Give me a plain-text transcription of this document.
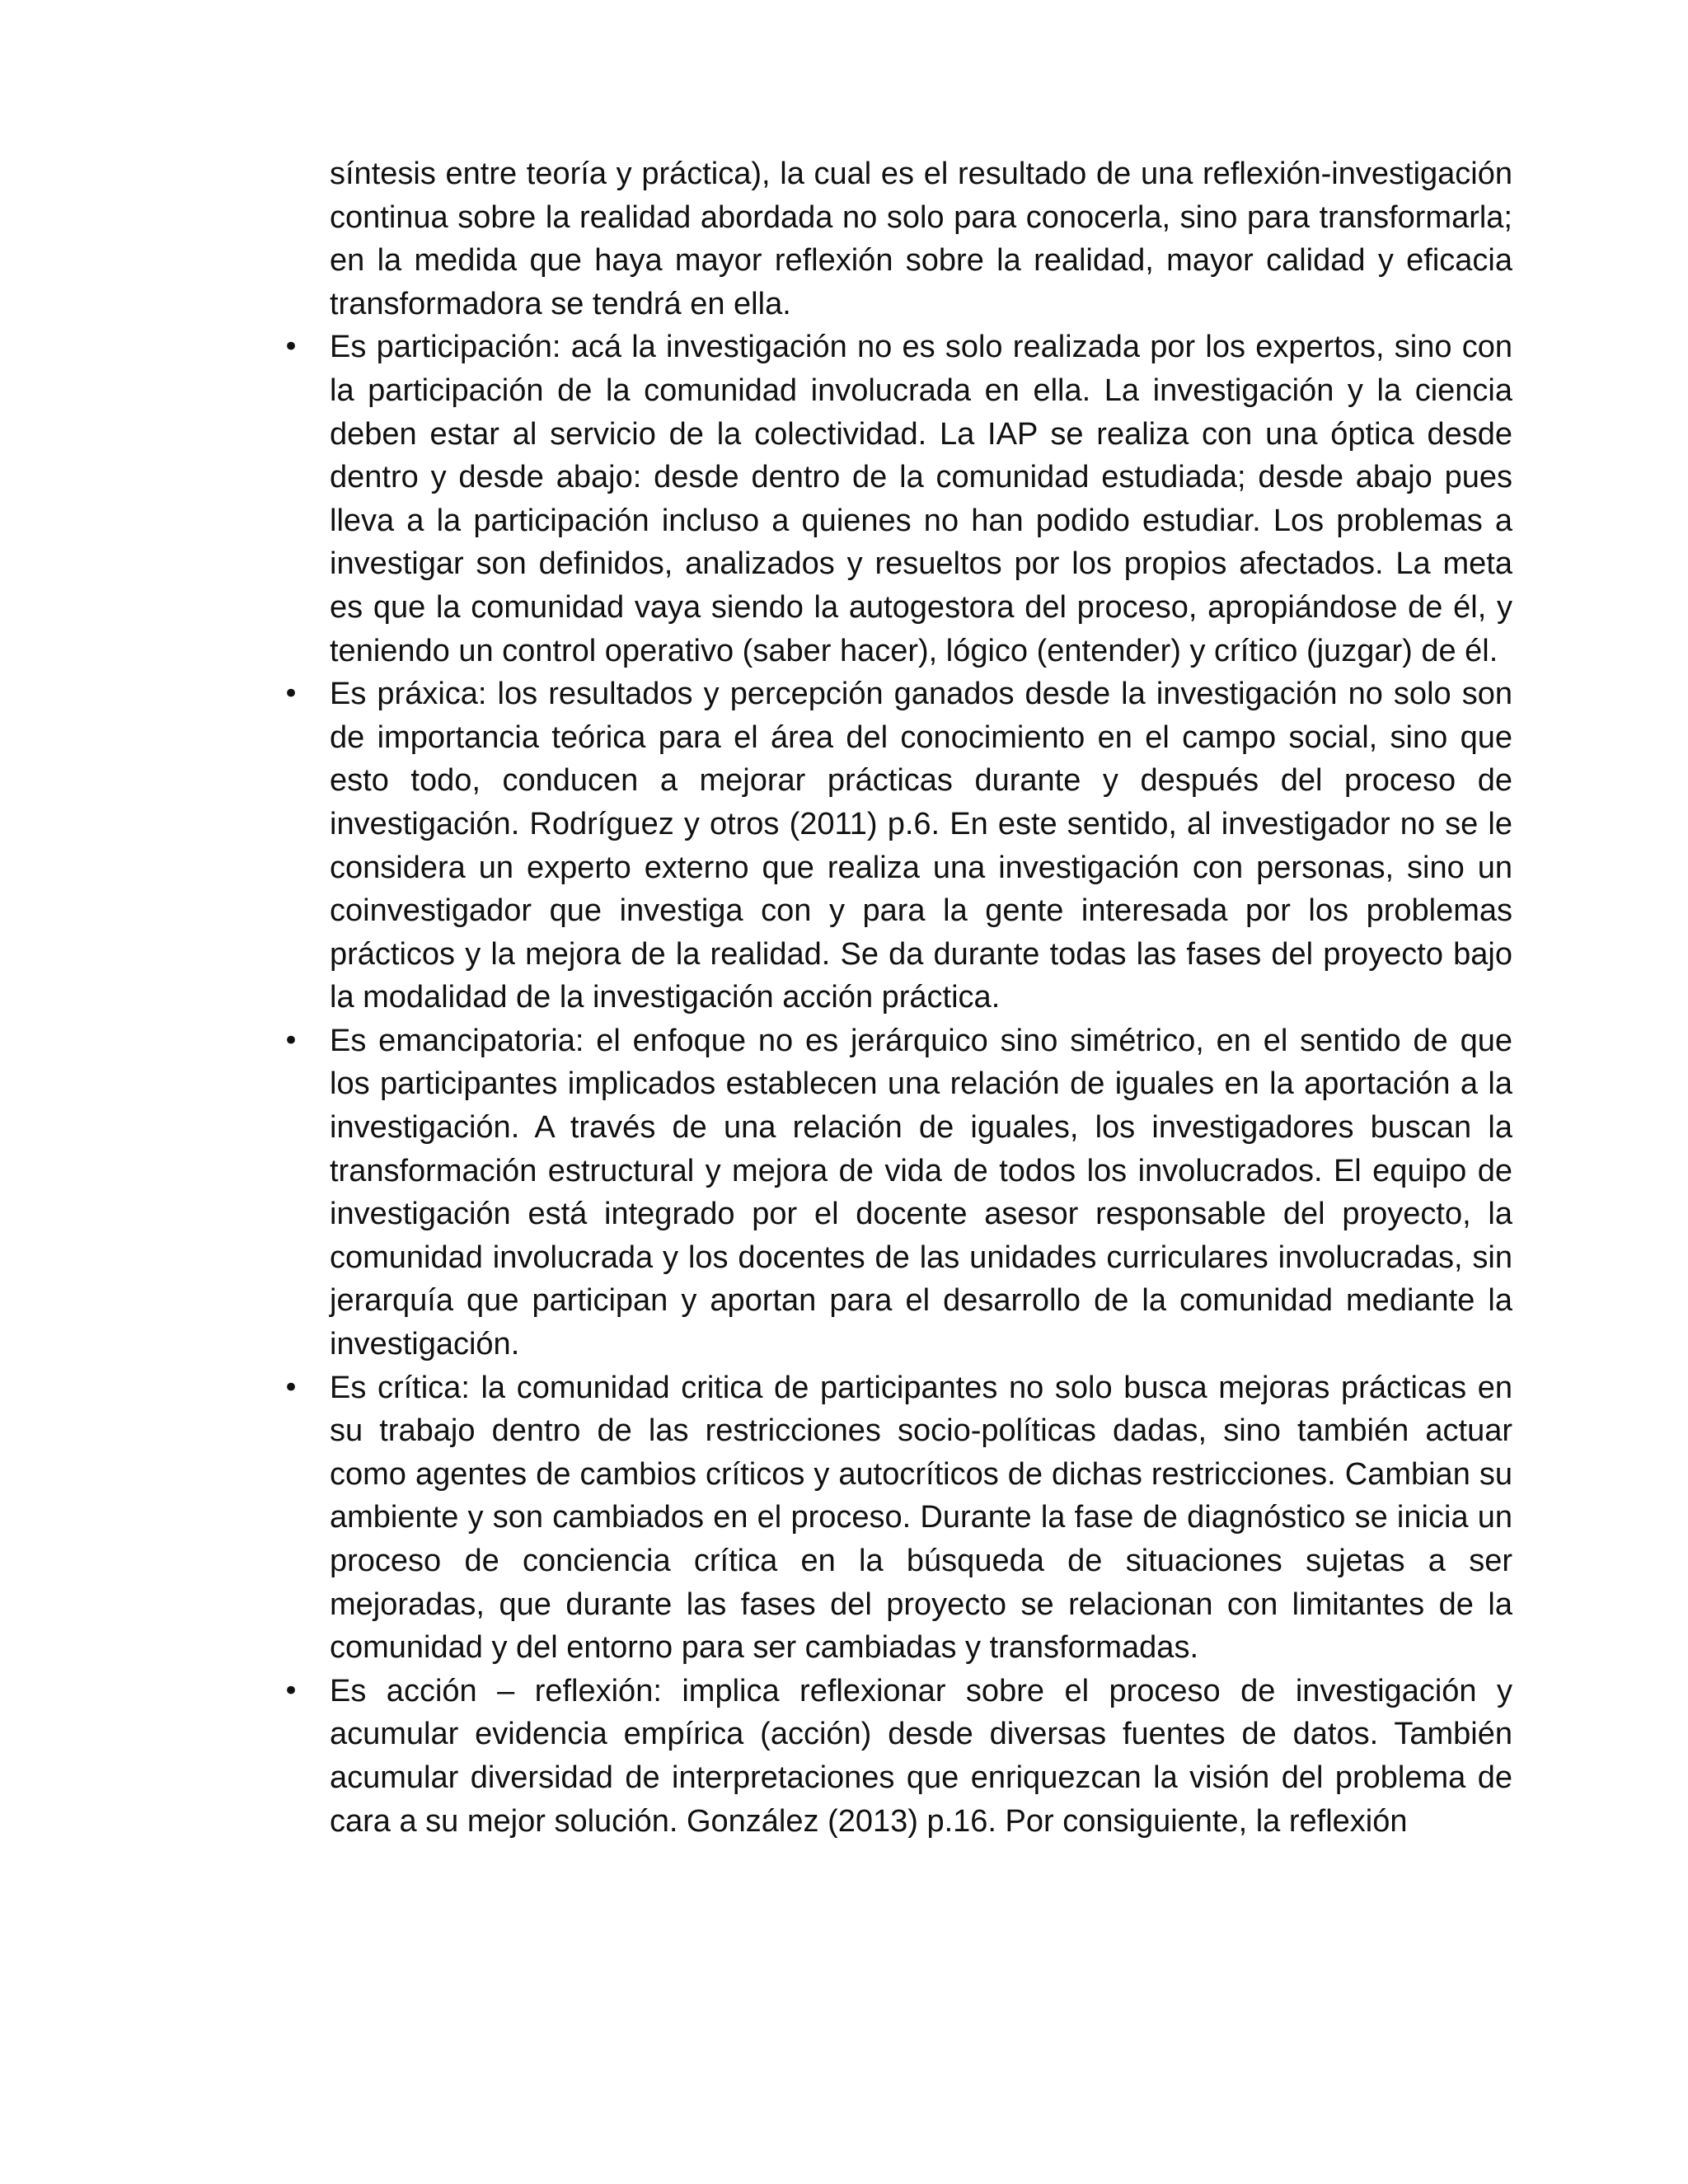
síntesis entre teoría y práctica), la cual es el resultado de una reflexión-investigación continua sobre la realidad abordada no solo para conocerla, sino para transformarla; en la medida que haya mayor reflexión sobre la realidad, mayor calidad y eficacia transformadora se tendrá en ella.

• Es participación: acá la investigación no es solo realizada por los expertos, sino con la participación de la comunidad involucrada en ella. La investigación y la ciencia deben estar al servicio de la colectividad. La IAP se realiza con una óptica desde dentro y desde abajo: desde dentro de la comunidad estudiada; desde abajo pues lleva a la participación incluso a quienes no han podido estudiar. Los problemas a investigar son definidos, analizados y resueltos por los propios afectados. La meta es que la comunidad vaya siendo la autogestora del proceso, apropiándose de él, y teniendo un control operativo (saber hacer), lógico (entender) y crítico (juzgar) de él.
• Es práxica: los resultados y percepción ganados desde la investigación no solo son de importancia teórica para el área del conocimiento en el campo social, sino que esto todo, conducen a mejorar prácticas durante y después del proceso de investigación. Rodríguez y otros (2011) p.6. En este sentido, al investigador no se le considera un experto externo que realiza una investigación con personas, sino un coinvestigador que investiga con y para la gente interesada por los problemas prácticos y la mejora de la realidad. Se da durante todas las fases del proyecto bajo la modalidad de la investigación acción práctica.
• Es emancipatoria: el enfoque no es jerárquico sino simétrico, en el sentido de que los participantes implicados establecen una relación de iguales en la aportación a la investigación. A través de una relación de iguales, los investigadores buscan la transformación estructural y mejora de vida de todos los involucrados. El equipo de investigación está integrado por el docente asesor responsable del proyecto, la comunidad involucrada y los docentes de las unidades curriculares involucradas, sin jerarquía que participan y aportan para el desarrollo de la comunidad mediante la investigación.
• Es crítica: la comunidad critica de participantes no solo busca mejoras prácticas en su trabajo dentro de las restricciones socio-políticas dadas, sino también actuar como agentes de cambios críticos y autocríticos de dichas restricciones. Cambian su ambiente y son cambiados en el proceso. Durante la fase de diagnóstico se inicia un proceso de conciencia crítica en la búsqueda de situaciones sujetas a ser mejoradas, que durante las fases del proyecto se relacionan con limitantes de la comunidad y del entorno para ser cambiadas y transformadas.
• Es acción – reflexión: implica reflexionar sobre el proceso de investigación y acumular evidencia empírica (acción) desde diversas fuentes de datos. También acumular diversidad de interpretaciones que enriquezcan la visión del problema de cara a su mejor solución. González (2013) p.16. Por consiguiente, la reflexión
